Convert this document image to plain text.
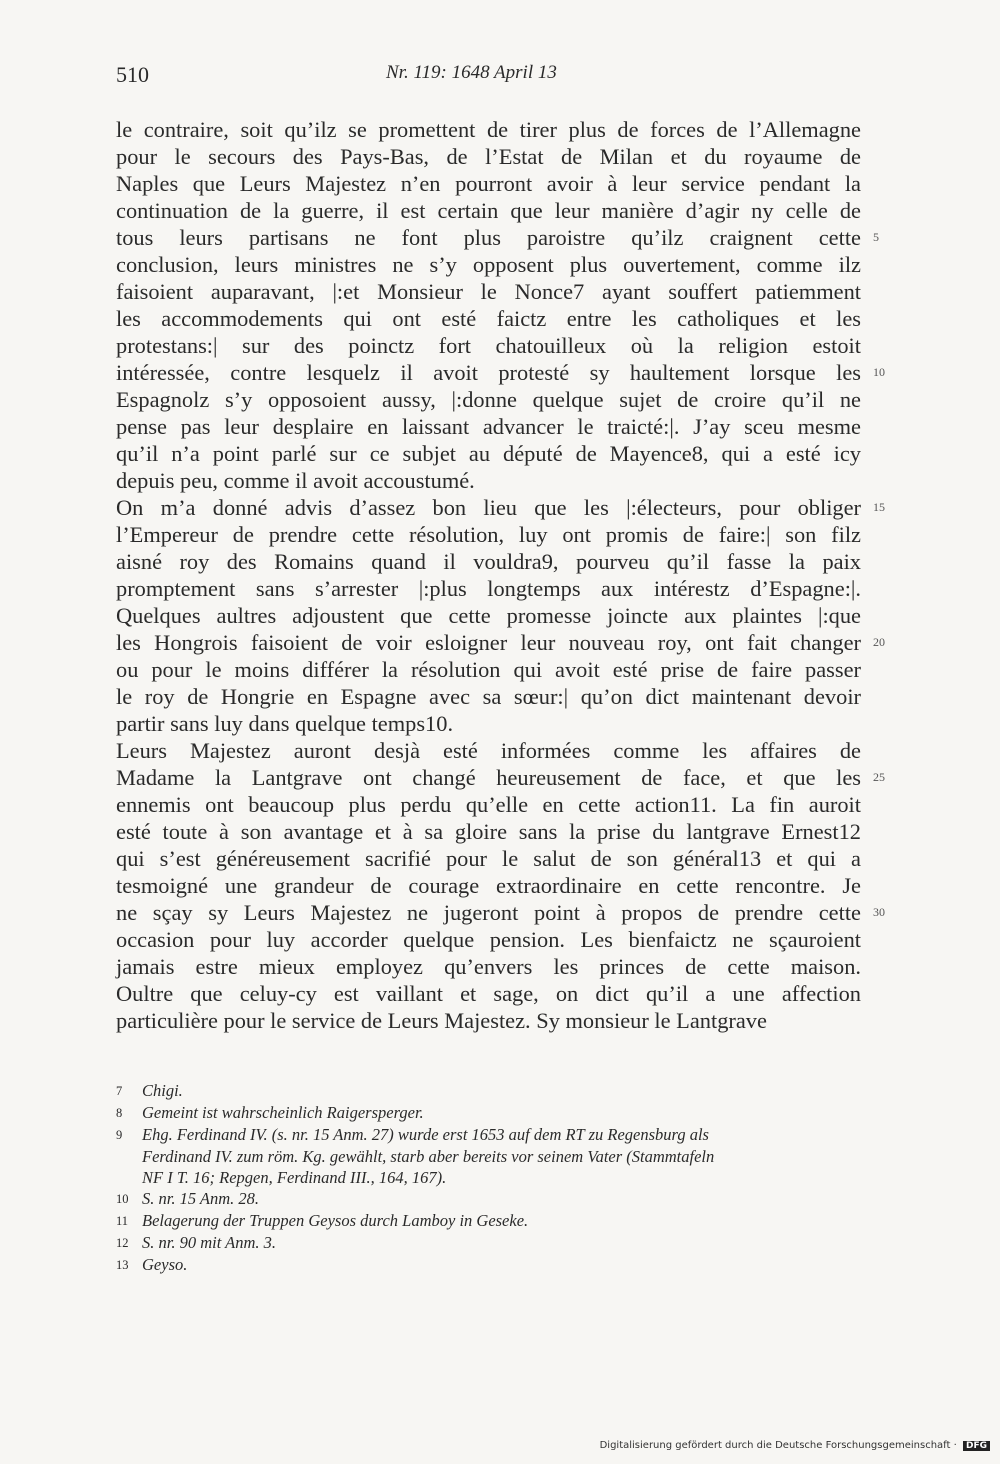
510	Nr. 119: 1648 April 13
le contraire, soit qu’ilz se promettent de tirer plus de forces de l’Allemagne
pour le secours des Pays-Bas, de l’Estat de Milan et du royaume de
Naples que Leurs Majestez n’en pourront avoir à leur service pendant la
continuation de la guerre, il est certain que leur manière d’agir ny celle de
tous leurs partisans ne font plus paroistre qu’ilz craignent cette 5
conclusion, leurs ministres ne s’y opposent plus ouvertement, comme ilz
faisoient auparavant, |:et Monsieur le Nonce7 ayant souffert patiemment
les accommodements qui ont esté faictz entre les catholiques et les
protestans:| sur des poinctz fort chatouilleux où la religion estoit
intéressée, contre lesquelz il avoit protesté sy haultement lorsque les 10
Espagnolz s’y opposoient aussy, |:donne quelque sujet de croire qu’il ne
pense pas leur desplaire en laissant advancer le traicté:|. J’ay sceu mesme
qu’il n’a point parlé sur ce subjet au député de Mayence8, qui a esté icy
depuis peu, comme il avoit accoustumé.
On m’a donné advis d’assez bon lieu que les |:électeurs, pour obliger 15
l’Empereur de prendre cette résolution, luy ont promis de faire:| son filz
aisné roy des Romains quand il vouldra9, pourveu qu’il fasse la paix
promptement sans s’arrester |:plus longtemps aux intérestz d’Espagne:|.
Quelques aultres adjoustent que cette promesse joincte aux plaintes |:que
les Hongrois faisoient de voir esloigner leur nouveau roy, ont fait changer 20
ou pour le moins différer la résolution qui avoit esté prise de faire passer
le roy de Hongrie en Espagne avec sa sœur:| qu’on dict maintenant devoir
partir sans luy dans quelque temps10.
Leurs Majestez auront desjà esté informées comme les affaires de
Madame la Lantgrave ont changé heureusement de face, et que les 25
ennemis ont beaucoup plus perdu qu’elle en cette action11. La fin auroit
esté toute à son avantage et à sa gloire sans la prise du lantgrave Ernest12
qui s’est généreusement sacrifié pour le salut de son général13 et qui a
tesmoigné une grandeur de courage extraordinaire en cette rencontre. Je
ne sçay sy Leurs Majestez ne jugeront point à propos de prendre cette 30
occasion pour luy accorder quelque pension. Les bienfaictz ne sçauroient
jamais estre mieux employez qu’envers les princes de cette maison.
Oultre que celuy-cy est vaillant et sage, on dict qu’il a une affection
particulière pour le service de Leurs Majestez. Sy monsieur le Lantgrave
7	Chigi.
8	Gemeint ist wahrscheinlich Raigersperger.
9	Ehg. Ferdinand IV. (s. nr. 15 Anm. 27) wurde erst 1653 auf dem RT zu Regensburg als
Ferdinand IV. zum röm. Kg. gewählt, starb aber bereits vor seinem Vater (Stammtafeln
NF I T. 16; Repgen, Ferdinand III., 164, 167).
10 S. nr. 15 Anm. 28.
11 Belagerung der Truppen Geysos durch Lamboy in Geseke.
12 S. nr. 90 mit Anm. 3.
13 Geyso.
Digitalisierung gefördert durch die Deutsche Forschungsgemeinschaft · DFG
